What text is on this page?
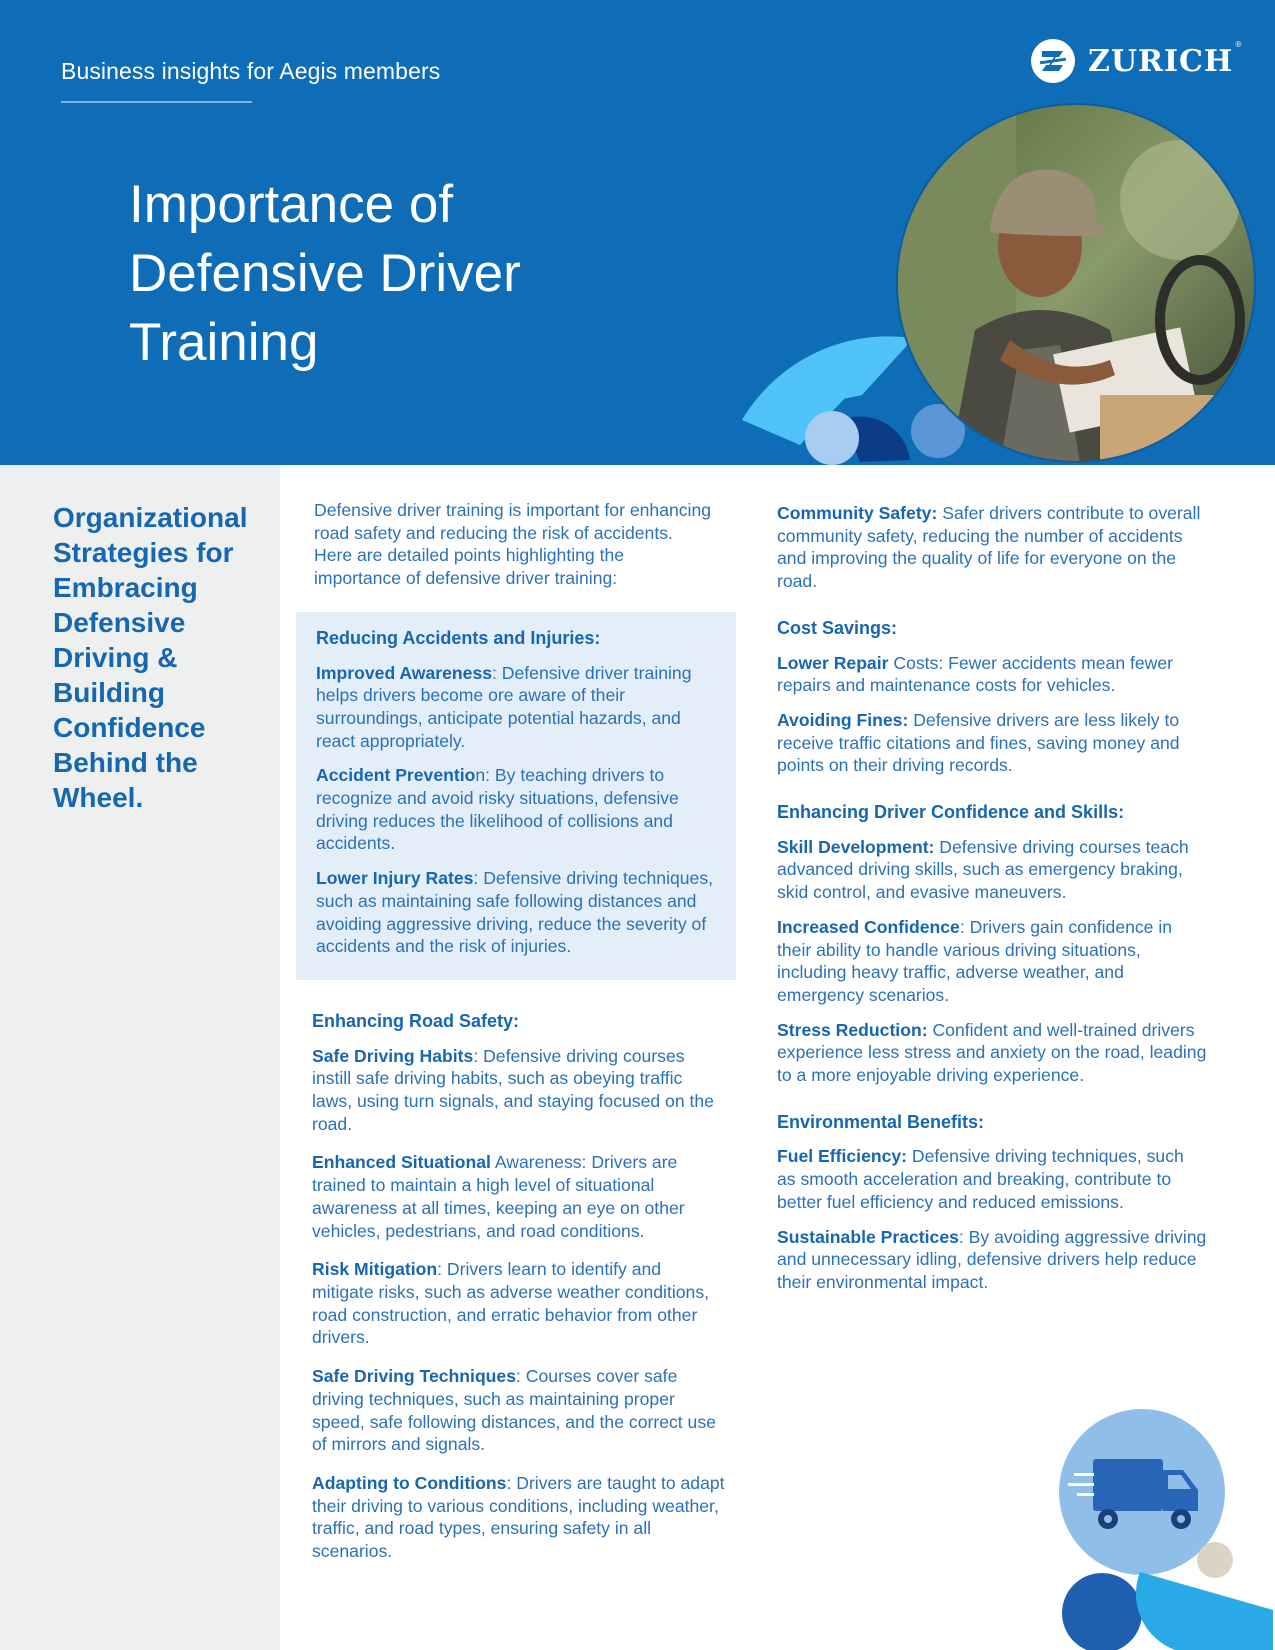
Business insights for Aegis members	ZURICH ®
Importance of
Defensive Driver
Training
Organizational Strategies for Embracing Defensive Driving & Building Confidence Behind the Wheel.

Defensive driver training is important for enhancing road safety and reducing the risk of accidents. Here are detailed points highlighting the importance of defensive driver training:

Reducing Accidents and Injuries:

Improved Awareness: Defensive driver training helps drivers become ore aware of their surroundings, anticipate potential hazards, and react appropriately.

Accident Prevention: By teaching drivers to recognize and avoid risky situations, defensive driving reduces the likelihood of collisions and accidents.

Lower Injury Rates: Defensive driving techniques, such as maintaining safe following distances and avoiding aggressive driving, reduce the severity of accidents and the risk of injuries.

Enhancing Road Safety:

Safe Driving Habits: Defensive driving courses instill safe driving habits, such as obeying traffic laws, using turn signals, and staying focused on the road.

Enhanced Situational Awareness: Drivers are trained to maintain a high level of situational awareness at all times, keeping an eye on other vehicles, pedestrians, and road conditions.

Risk Mitigation: Drivers learn to identify and mitigate risks, such as adverse weather conditions, road construction, and erratic behavior from other drivers.

Safe Driving Techniques: Courses cover safe driving techniques, such as maintaining proper speed, safe following distances, and the correct use of mirrors and signals.

Adapting to Conditions: Drivers are taught to adapt their driving to various conditions, including weather, traffic, and road types, ensuring safety in all scenarios.

Community Safety: Safer drivers contribute to overall community safety, reducing the number of accidents and improving the quality of life for everyone on the road.

Cost Savings:

Lower Repair Costs: Fewer accidents mean fewer repairs and maintenance costs for vehicles.

Avoiding Fines: Defensive drivers are less likely to receive traffic citations and fines, saving money and points on their driving records.

Enhancing Driver Confidence and Skills:

Skill Development: Defensive driving courses teach advanced driving skills, such as emergency braking, skid control, and evasive maneuvers.

Increased Confidence: Drivers gain confidence in their ability to handle various driving situations, including heavy traffic, adverse weather, and emergency scenarios.

Stress Reduction: Confident and well-trained drivers experience less stress and anxiety on the road, leading to a more enjoyable driving experience.

Environmental Benefits:

Fuel Efficiency: Defensive driving techniques, such as smooth acceleration and breaking, contribute to better fuel efficiency and reduced emissions.

Sustainable Practices: By avoiding aggressive driving and unnecessary idling, defensive drivers help reduce their environmental impact.
